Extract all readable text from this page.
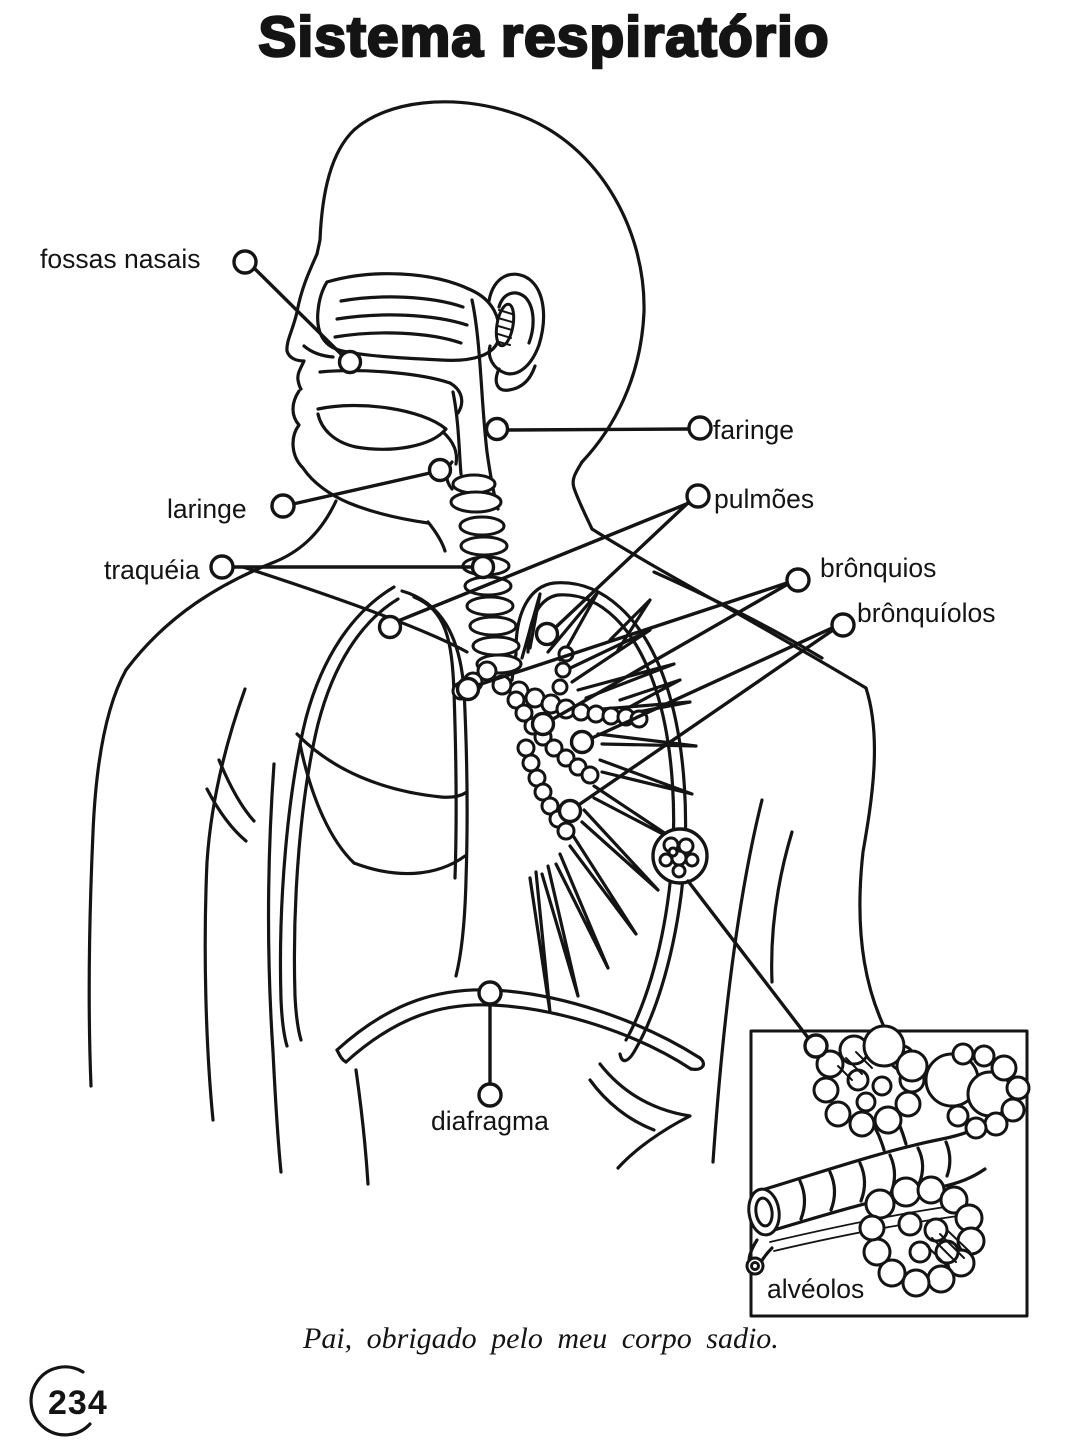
Sistema respiratório
fossas nasais
faringe
pulmões
brônquios
brônquíolos
laringe
traquéia
diafragma
alvéolos
234
Pai, obrigado pelo meu corpo sadio.
